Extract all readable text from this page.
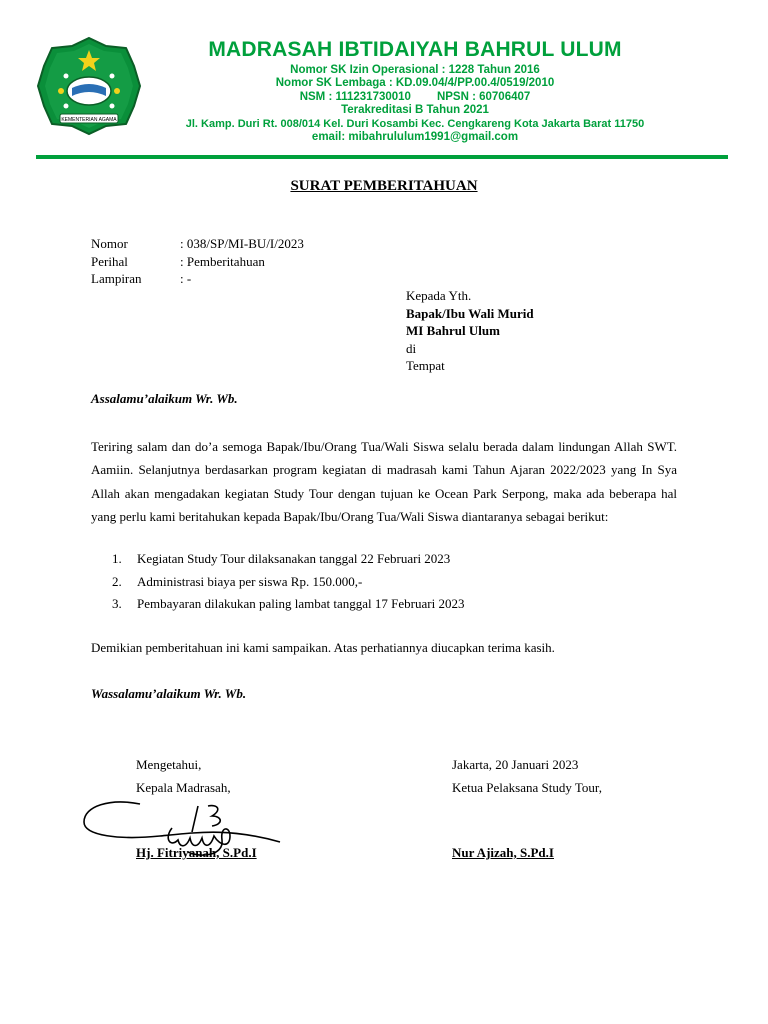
KEMENTERIAN AGAMA
MADRASAH IBTIDAIYAH BAHRUL ULUM
Nomor SK Izin Operasional : 1228 Tahun 2016
Nomor SK Lembaga : KD.09.04/4/PP.00.4/0519/2010
NSM : 111231730010 NPSN : 60706407
Terakreditasi B Tahun 2021
Jl. Kamp. Duri Rt. 008/014 Kel. Duri Kosambi Kec. Cengkareng Kota Jakarta Barat 11750
email: mibahrululum1991@gmail.com
SURAT PEMBERITAHUAN
Nomor	: 038/SP/MI-BU/I/2023
Perihal	: Pemberitahuan
Lampiran	: -
Kepada Yth.
Bapak/Ibu Wali Murid
MI Bahrul Ulum
di
Tempat
Assalamu’alaikum Wr. Wb.
Teriring salam dan do’a semoga Bapak/Ibu/Orang Tua/Wali Siswa selalu berada dalam lindungan Allah SWT. Aamiin. Selanjutnya berdasarkan program kegiatan di madrasah kami Tahun Ajaran 2022/2023 yang In Sya Allah akan mengadakan kegiatan Study Tour dengan tujuan ke Ocean Park Serpong, maka ada beberapa hal yang perlu kami beritahukan kepada Bapak/Ibu/Orang Tua/Wali Siswa diantaranya sebagai berikut:
1.	Kegiatan Study Tour dilaksanakan tanggal 22 Februari 2023
2.	Administrasi biaya per siswa Rp. 150.000,-
3.	Pembayaran dilakukan paling lambat tanggal 17 Februari 2023
Demikian pemberitahuan ini kami sampaikan. Atas perhatiannya diucapkan terima kasih.
Wassalamu’alaikum Wr. Wb.
Mengetahui,
Kepala Madrasah,
Jakarta, 20 Januari 2023
Ketua Pelaksana Study Tour,
Hj. Fitriyanah, S.Pd.I	Nur Ajizah, S.Pd.I
